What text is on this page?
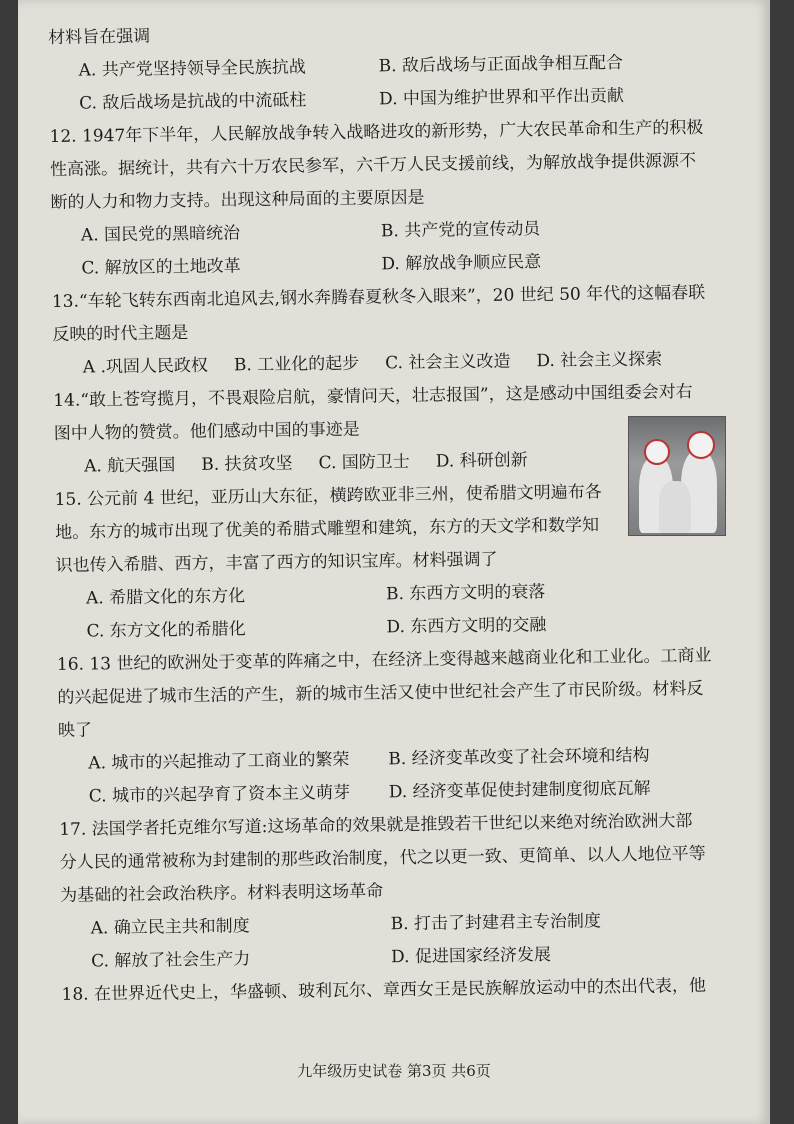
材料旨在强调
A. 共产党坚持领导全民族抗战	B. 敌后战场与正面战争相互配合
C. 敌后战场是抗战的中流砥柱	D. 中国为维护世界和平作出贡献
12. 1947年下半年，人民解放战争转入战略进攻的新形势，广大农民革命和生产的积极
性高涨。据统计，共有六十万农民参军，六千万人民支援前线，为解放战争提供源源不
断的人力和物力支持。出现这种局面的主要原因是
A. 国民党的黑暗统治	B. 共产党的宣传动员
C. 解放区的土地改革	D. 解放战争顺应民意
13.“车轮飞转东西南北追风去,钢水奔腾春夏秋冬入眼来”，20 世纪 50 年代的这幅春联
反映的时代主题是
A .巩固人民政权 B. 工业化的起步 C. 社会主义改造 D. 社会主义探索
14.“敢上苍穹揽月，不畏艰险启航，豪情问天，壮志报国”，这是感动中国组委会对右
图中人物的赞赏。他们感动中国的事迹是
A. 航天强国 B. 扶贫攻坚 C. 国防卫士 D. 科研创新
15. 公元前 4 世纪，亚历山大东征，横跨欧亚非三州，使希腊文明遍布各
地。东方的城市出现了优美的希腊式雕塑和建筑，东方的天文学和数学知
识也传入希腊、西方，丰富了西方的知识宝库。材料强调了
A. 希腊文化的东方化	B. 东西方文明的衰落
C. 东方文化的希腊化	D. 东西方文明的交融
16. 13 世纪的欧洲处于变革的阵痛之中，在经济上变得越来越商业化和工业化。工商业
的兴起促进了城市生活的产生，新的城市生活又使中世纪社会产生了市民阶级。材料反
映了
A. 城市的兴起推动了工商业的繁荣	B. 经济变革改变了社会环境和结构
C. 城市的兴起孕育了资本主义萌芽	D. 经济变革促使封建制度彻底瓦解
17. 法国学者托克维尔写道:这场革命的效果就是推毁若干世纪以来绝对统治欧洲大部
分人民的通常被称为封建制的那些政治制度，代之以更一致、更简单、以人人地位平等
为基础的社会政治秩序。材料表明这场革命
A. 确立民主共和制度	B. 打击了封建君主专治制度
C. 解放了社会生产力	D. 促进国家经济发展
18. 在世界近代史上，华盛顿、玻利瓦尔、章西女王是民族解放运动中的杰出代表，他
九年级历史试卷 第3页 共6页
